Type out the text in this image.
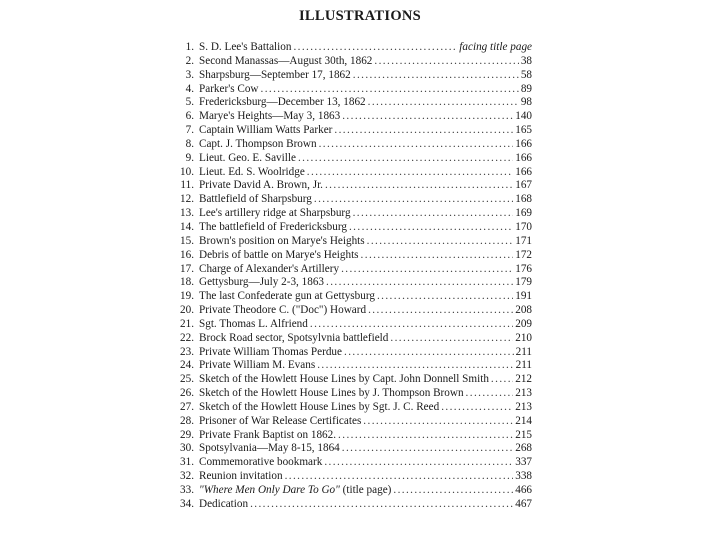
ILLUSTRATIONS
1. S. D. Lee's Battalion .....	facing title page
2. Second Manassas—August 30th, 1862 .....	38
3. Sharpsburg—September 17, 1862 .....	58
4. Parker's Cow .....	89
5. Fredericksburg—December 13, 1862 .....	98
6. Marye's Heights—May 3, 1863 .....	140
7. Captain William Watts Parker .....	165
8. Capt. J. Thompson Brown .....	166
9. Lieut. Geo. E. Saville .....	166
10. Lieut. Ed. S. Woolridge .....	166
11. Private David A. Brown, Jr. .....	167
12. Battlefield of Sharpsburg .....	168
13. Lee's artillery ridge at Sharpsburg .....	169
14. The battlefield of Fredericksburg .....	170
15. Brown's position on Marye's Heights .....	171
16. Debris of battle on Marye's Heights .....	172
17. Charge of Alexander's Artillery .....	176
18. Gettysburg—July 2-3, 1863 .....	179
19. The last Confederate gun at Gettysburg .....	191
20. Private Theodore C. ("Doc") Howard .....	208
21. Sgt. Thomas L. Alfriend .....	209
22. Brock Road sector, Spotsylvnia battlefield .....	210
23. Private William Thomas Perdue .....	211
24. Private William M. Evans .....	211
25. Sketch of the Howlett House Lines by Capt. John Donnell Smith ..... 212
26. Sketch of the Howlett House Lines by J. Thompson Brown .....	213
27. Sketch of the Howlett House Lines by Sgt. J. C. Reed .....	213
28. Prisoner of War Release Certificates .....	214
29. Private Frank Baptist on 1862. .....	215
30. Spotsylvania—May 8-15, 1864 .....	268
31. Commemorative bookmark .....	337
32. Reunion invitation .....	338
33. "Where Men Only Dare To Go" (title page) .....	466
34. Dedication .....	467
